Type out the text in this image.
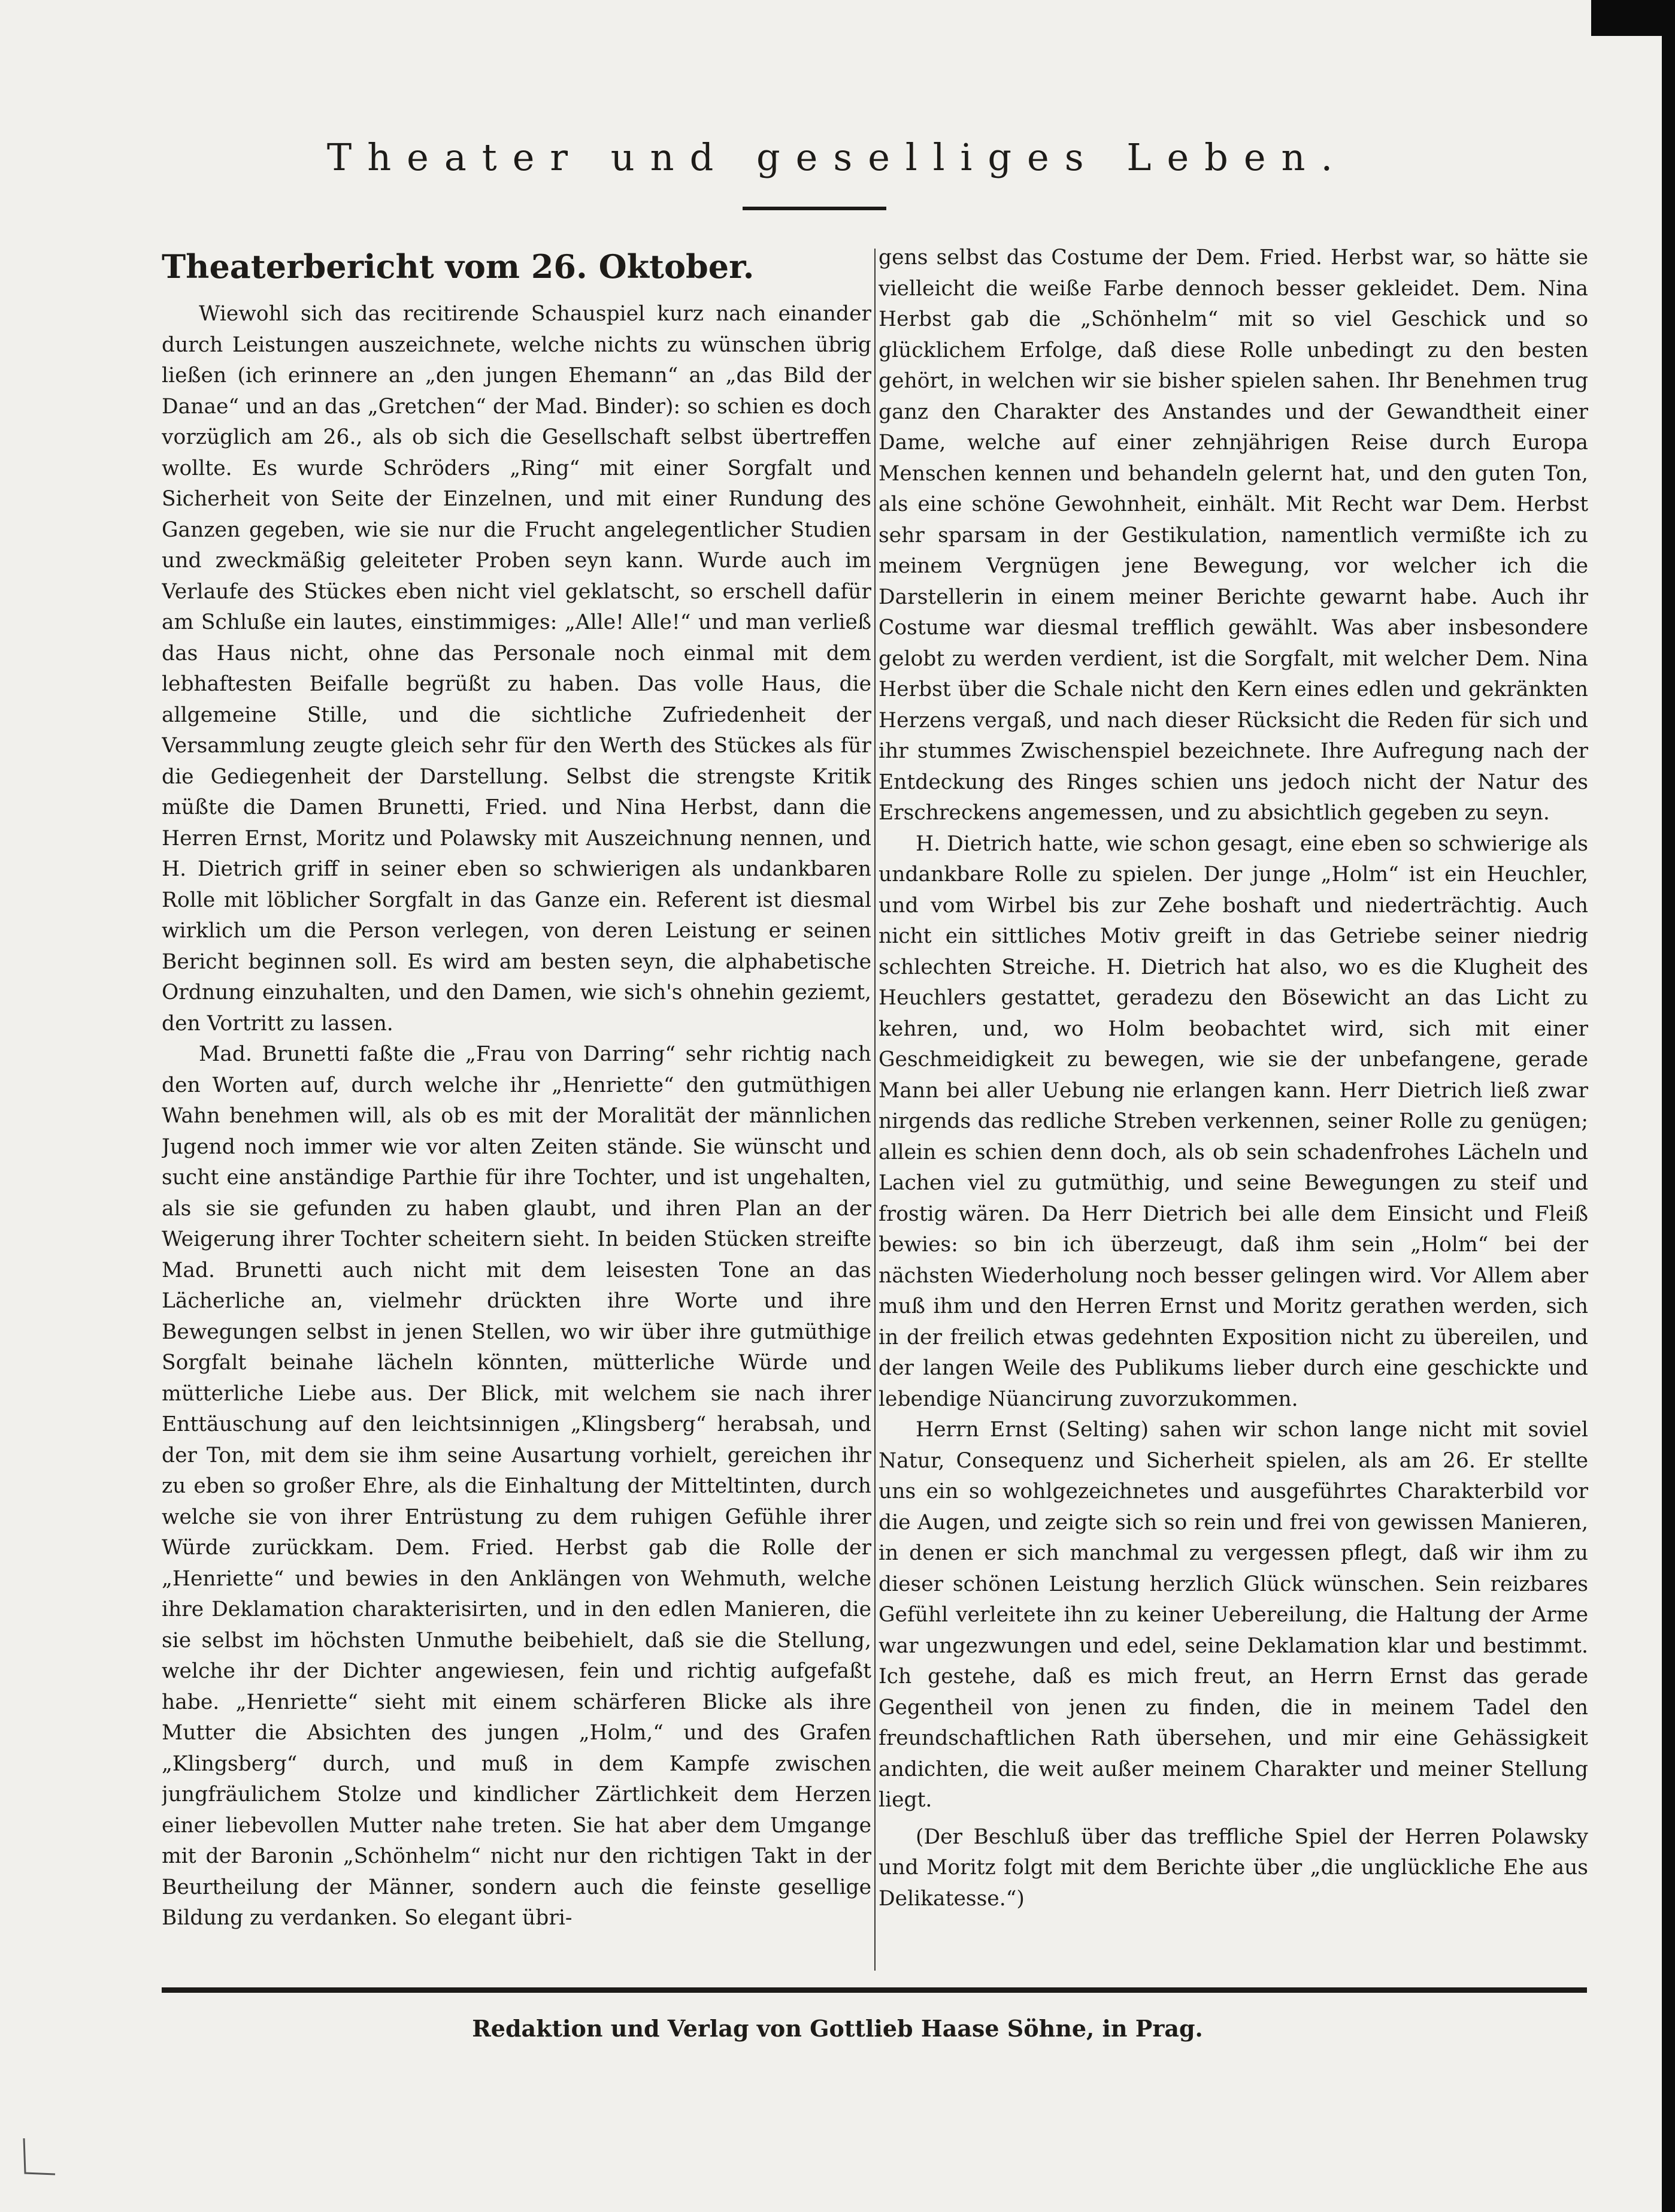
Theater und geselliges Leben.
Theaterbericht vom 26. Oktober.

Wiewohl sich das recitirende Schauspiel kurz nach einander durch Leistungen auszeichnete, welche nichts zu wünschen übrig ließen (ich erinnere an „den jungen Ehemann“ an „das Bild der Danae“ und an das „Gretchen“ der Mad. Binder): so schien es doch vorzüglich am 26., als ob sich die Gesellschaft selbst übertreffen wollte. Es wurde Schröders „Ring“ mit einer Sorgfalt und Sicherheit von Seite der Einzelnen, und mit einer Rundung des Ganzen gegeben, wie sie nur die Frucht angelegentlicher Studien und zweckmäßig geleiteter Proben seyn kann. Wurde auch im Verlaufe des Stückes eben nicht viel geklatscht, so erschell dafür am Schluße ein lautes, einstimmiges: „Alle! Alle!“ und man verließ das Haus nicht, ohne das Personale noch einmal mit dem lebhaftesten Beifalle begrüßt zu haben. Das volle Haus, die allgemeine Stille, und die sichtliche Zufriedenheit der Versammlung zeugte gleich sehr für den Werth des Stückes als für die Gediegenheit der Darstellung. Selbst die strengste Kritik müßte die Damen Brunetti, Fried. und Nina Herbst, dann die Herren Ernst, Moritz und Polawsky mit Auszeichnung nennen, und H. Dietrich griff in seiner eben so schwierigen als undankbaren Rolle mit löblicher Sorgfalt in das Ganze ein. Referent ist diesmal wirklich um die Person verlegen, von deren Leistung er seinen Bericht beginnen soll. Es wird am besten seyn, die alphabetische Ordnung einzuhalten, und den Damen, wie sich's ohnehin geziemt, den Vortritt zu lassen.

Mad. Brunetti faßte die „Frau von Darring“ sehr richtig nach den Worten auf, durch welche ihr „Henriette“ den gutmüthigen Wahn benehmen will, als ob es mit der Moralität der männlichen Jugend noch immer wie vor alten Zeiten stände. Sie wünscht und sucht eine anständige Parthie für ihre Tochter, und ist ungehalten, als sie sie gefunden zu haben glaubt, und ihren Plan an der Weigerung ihrer Tochter scheitern sieht. In beiden Stücken streifte Mad. Brunetti auch nicht mit dem leisesten Tone an das Lächerliche an, vielmehr drückten ihre Worte und ihre Bewegungen selbst in jenen Stellen, wo wir über ihre gutmüthige Sorgfalt beinahe lächeln könnten, mütterliche Würde und mütterliche Liebe aus. Der Blick, mit welchem sie nach ihrer Enttäuschung auf den leichtsinnigen „Klingsberg“ herabsah, und der Ton, mit dem sie ihm seine Ausartung vorhielt, gereichen ihr zu eben so großer Ehre, als die Einhaltung der Mitteltinten, durch welche sie von ihrer Entrüstung zu dem ruhigen Gefühle ihrer Würde zurückkam. Dem. Fried. Herbst gab die Rolle der „Henriette“ und bewies in den Anklängen von Wehmuth, welche ihre Deklamation charakterisirten, und in den edlen Manieren, die sie selbst im höchsten Unmuthe beibehielt, daß sie die Stellung, welche ihr der Dichter angewiesen, fein und richtig aufgefaßt habe. „Henriette“ sieht mit einem schärferen Blicke als ihre Mutter die Absichten des jungen „Holm,“ und des Grafen „Klingsberg“ durch, und muß in dem Kampfe zwischen jungfräulichem Stolze und kindlicher Zärtlichkeit dem Herzen einer liebevollen Mutter nahe treten. Sie hat aber dem Umgange mit der Baronin „Schönhelm“ nicht nur den richtigen Takt in der Beurtheilung der Männer, sondern auch die feinste gesellige Bildung zu verdanken. So elegant übri-

gens selbst das Costume der Dem. Fried. Herbst war, so hätte sie vielleicht die weiße Farbe dennoch besser gekleidet. Dem. Nina Herbst gab die „Schönhelm“ mit so viel Geschick und so glücklichem Erfolge, daß diese Rolle unbedingt zu den besten gehört, in welchen wir sie bisher spielen sahen. Ihr Benehmen trug ganz den Charakter des Anstandes und der Gewandtheit einer Dame, welche auf einer zehnjährigen Reise durch Europa Menschen kennen und behandeln gelernt hat, und den guten Ton, als eine schöne Gewohnheit, einhält. Mit Recht war Dem. Herbst sehr sparsam in der Gestikulation, namentlich vermißte ich zu meinem Vergnügen jene Bewegung, vor welcher ich die Darstellerin in einem meiner Berichte gewarnt habe. Auch ihr Costume war diesmal trefflich gewählt. Was aber insbesondere gelobt zu werden verdient, ist die Sorgfalt, mit welcher Dem. Nina Herbst über die Schale nicht den Kern eines edlen und gekränkten Herzens vergaß, und nach dieser Rücksicht die Reden für sich und ihr stummes Zwischenspiel bezeichnete. Ihre Aufregung nach der Entdeckung des Ringes schien uns jedoch nicht der Natur des Erschreckens angemessen, und zu absichtlich gegeben zu seyn.

H. Dietrich hatte, wie schon gesagt, eine eben so schwierige als undankbare Rolle zu spielen. Der junge „Holm“ ist ein Heuchler, und vom Wirbel bis zur Zehe boshaft und niederträchtig. Auch nicht ein sittliches Motiv greift in das Getriebe seiner niedrig schlechten Streiche. H. Dietrich hat also, wo es die Klugheit des Heuchlers gestattet, geradezu den Bösewicht an das Licht zu kehren, und, wo Holm beobachtet wird, sich mit einer Geschmeidigkeit zu bewegen, wie sie der unbefangene, gerade Mann bei aller Uebung nie erlangen kann. Herr Dietrich ließ zwar nirgends das redliche Streben verkennen, seiner Rolle zu genügen; allein es schien denn doch, als ob sein schadenfrohes Lächeln und Lachen viel zu gutmüthig, und seine Bewegungen zu steif und frostig wären. Da Herr Dietrich bei alle dem Einsicht und Fleiß bewies: so bin ich überzeugt, daß ihm sein „Holm“ bei der nächsten Wiederholung noch besser gelingen wird. Vor Allem aber muß ihm und den Herren Ernst und Moritz gerathen werden, sich in der freilich etwas gedehnten Exposition nicht zu übereilen, und der langen Weile des Publikums lieber durch eine geschickte und lebendige Nüancirung zuvorzukommen.

Herrn Ernst (Selting) sahen wir schon lange nicht mit soviel Natur, Consequenz und Sicherheit spielen, als am 26. Er stellte uns ein so wohlgezeichnetes und ausgeführtes Charakterbild vor die Augen, und zeigte sich so rein und frei von gewissen Manieren, in denen er sich manchmal zu vergessen pflegt, daß wir ihm zu dieser schönen Leistung herzlich Glück wünschen. Sein reizbares Gefühl verleitete ihn zu keiner Uebereilung, die Haltung der Arme war ungezwungen und edel, seine Deklamation klar und bestimmt. Ich gestehe, daß es mich freut, an Herrn Ernst das gerade Gegentheil von jenen zu finden, die in meinem Tadel den freundschaftlichen Rath übersehen, und mir eine Gehässigkeit andichten, die weit außer meinem Charakter und meiner Stellung liegt.

(Der Beschluß über das treffliche Spiel der Herren Polawsky und Moritz folgt mit dem Berichte über „die unglückliche Ehe aus Delikatesse.“)

Redaktion und Verlag von Gottlieb Haase Söhne, in Prag.
